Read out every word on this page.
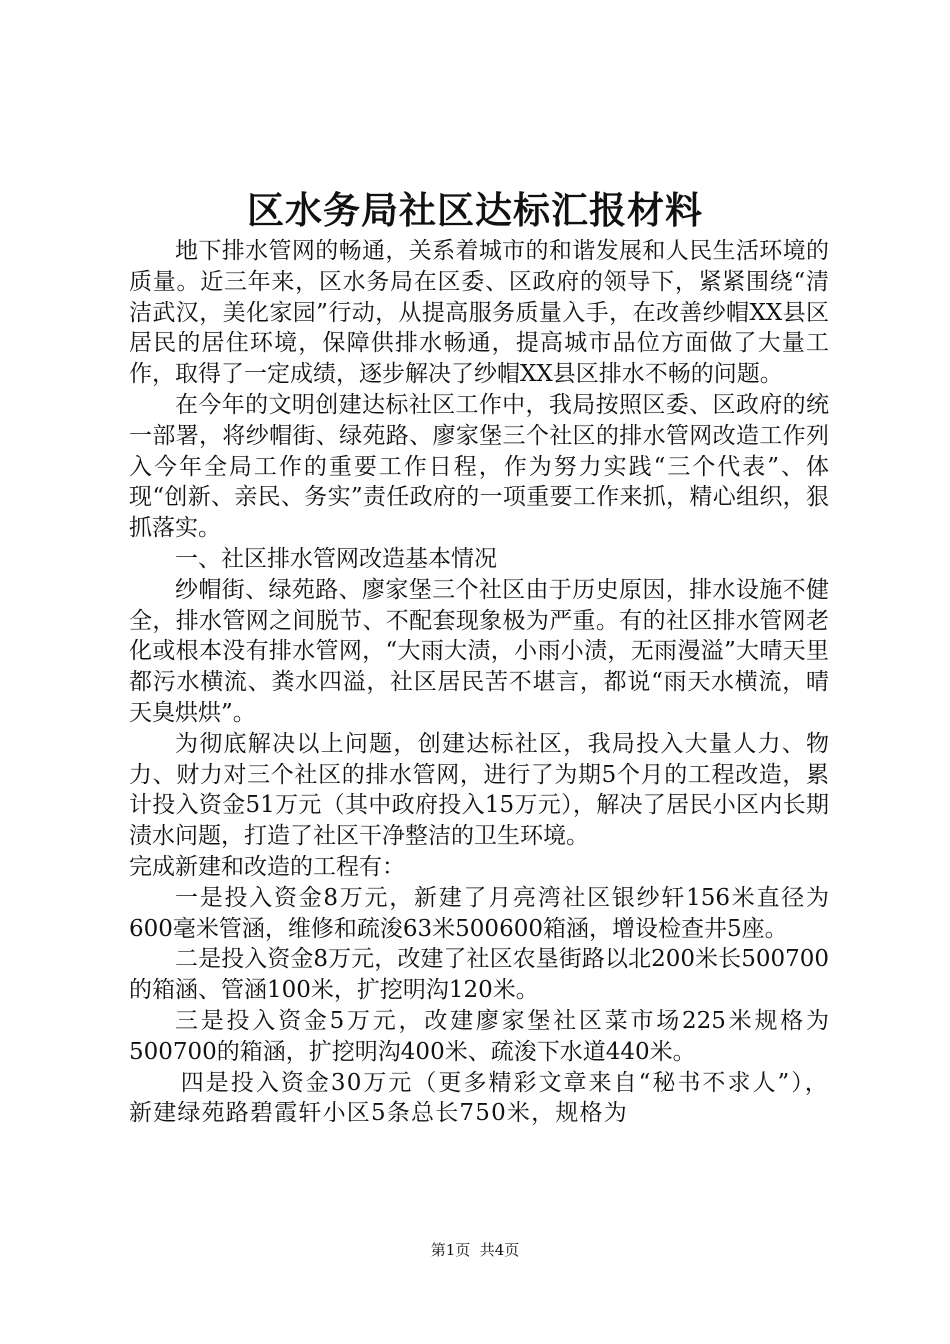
区水务局社区达标汇报材料

地下排水管网的畅通，关系着城市的和谐发展和人民生活环境的质量。近三年来，区水务局在区委、区政府的领导下，紧紧围绕“清洁武汉，美化家园”行动，从提高服务质量入手，在改善纱帽XX县区居民的居住环境，保障供排水畅通，提高城市品位方面做了大量工作，取得了一定成绩，逐步解决了纱帽XX县区排水不畅的问题。

在今年的文明创建达标社区工作中，我局按照区委、区政府的统一部署，将纱帽街、绿苑路、廖家堡三个社区的排水管网改造工作列入今年全局工作的重要工作日程，作为努力实践“三个代表”、体现“创新、亲民、务实”责任政府的一项重要工作来抓，精心组织，狠抓落实。

一、社区排水管网改造基本情况

纱帽街、绿苑路、廖家堡三个社区由于历史原因，排水设施不健全，排水管网之间脱节、不配套现象极为严重。有的社区排水管网老化或根本没有排水管网，“大雨大渍，小雨小渍，无雨漫溢”大晴天里都污水横流、粪水四溢，社区居民苦不堪言，都说“雨天水横流，晴天臭烘烘”。

为彻底解决以上问题，创建达标社区，我局投入大量人力、物力、财力对三个社区的排水管网，进行了为期5个月的工程改造，累计投入资金51万元（其中政府投入15万元），解决了居民小区内长期渍水问题，打造了社区干净整洁的卫生环境。

完成新建和改造的工程有：

一是投入资金8万元，新建了月亮湾社区银纱轩156米直径为600毫米管涵，维修和疏浚63米500600箱涵，增设检查井5座。

二是投入资金8万元，改建了社区农垦街路以北200米长500700的箱涵、管涵100米，扩挖明沟120米。

三是投入资金5万元，改建廖家堡社区菜市场225米规格为500700的箱涵，扩挖明沟400米、疏浚下水道440米。

四是投入资金30万元（更多精彩文章来自“秘书不求人”），新建绿苑路碧霞轩小区5条总长750米，规格为

第1页  共4页
